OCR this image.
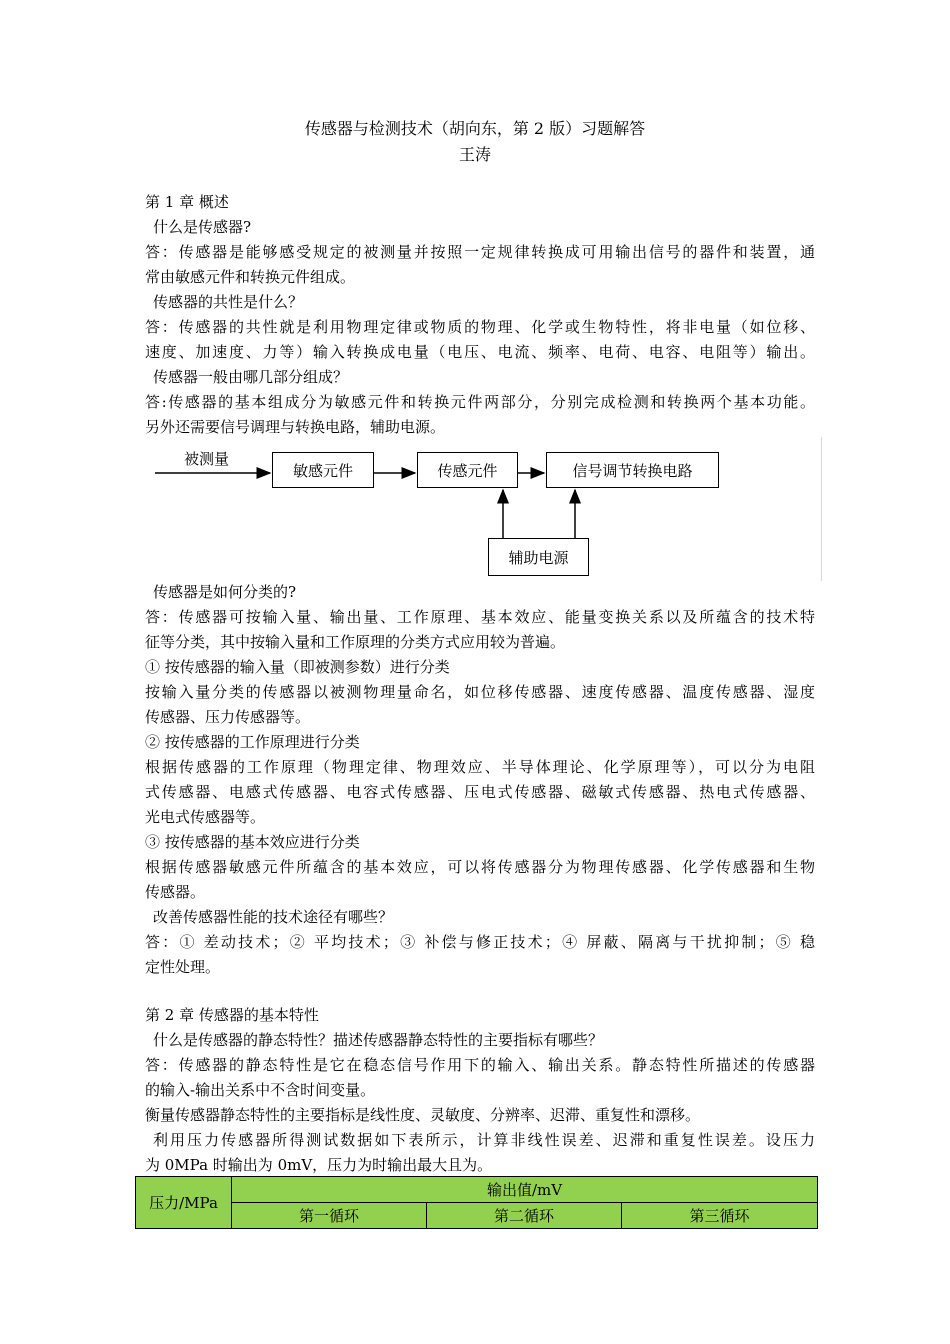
传感器与检测技术（胡向东，第 2 版）习题解答
王涛
第 1 章 概述
什么是传感器?
答：传感器是能够感受规定的被测量并按照一定规律转换成可用输出信号的器件和装置，通
常由敏感元件和转换元件组成。
传感器的共性是什么？
答：传感器的共性就是利用物理定律或物质的物理、化学或生物特性，将非电量（如位移、
速度、加速度、力等）输入转换成电量（电压、电流、频率、电荷、电容、电阻等）输出。
传感器一般由哪几部分组成？
答:传感器的基本组成分为敏感元件和转换元件两部分，分别完成检测和转换两个基本功能。
另外还需要信号调理与转换电路，辅助电源。
被测量
敏感元件	传感元件	信号调节转换电路
辅助电源
传感器是如何分类的?
答：传感器可按输入量、输出量、工作原理、基本效应、能量变换关系以及所蕴含的技术特
征等分类，其中按输入量和工作原理的分类方式应用较为普遍。
① 按传感器的输入量（即被测参数）进行分类
按输入量分类的传感器以被测物理量命名，如位移传感器、速度传感器、温度传感器、湿度
传感器、压力传感器等。
② 按传感器的工作原理进行分类
根据传感器的工作原理（物理定律、物理效应、半导体理论、化学原理等），可以分为电阻
式传感器、电感式传感器、电容式传感器、压电式传感器、磁敏式传感器、热电式传感器、
光电式传感器等。
③ 按传感器的基本效应进行分类
根据传感器敏感元件所蕴含的基本效应，可以将传感器分为物理传感器、化学传感器和生物
传感器。
改善传感器性能的技术途径有哪些？
答：① 差动技术；② 平均技术；③ 补偿与修正技术；④ 屏蔽、隔离与干扰抑制；⑤ 稳
定性处理。
第 2 章 传感器的基本特性
什么是传感器的静态特性？描述传感器静态特性的主要指标有哪些？
答：传感器的静态特性是它在稳态信号作用下的输入、输出关系。静态特性所描述的传感器
的输入-输出关系中不含时间变量。
衡量传感器静态特性的主要指标是线性度、灵敏度、分辨率、迟滞、重复性和漂移。
利用压力传感器所得测试数据如下表所示，计算非线性误差、迟滞和重复性误差。设压力
为 0MPa 时输出为 0mV，压力为时输出最大且为。
压力/MPa	输出值/mV		
	第一循环	第二循环	第三循环
